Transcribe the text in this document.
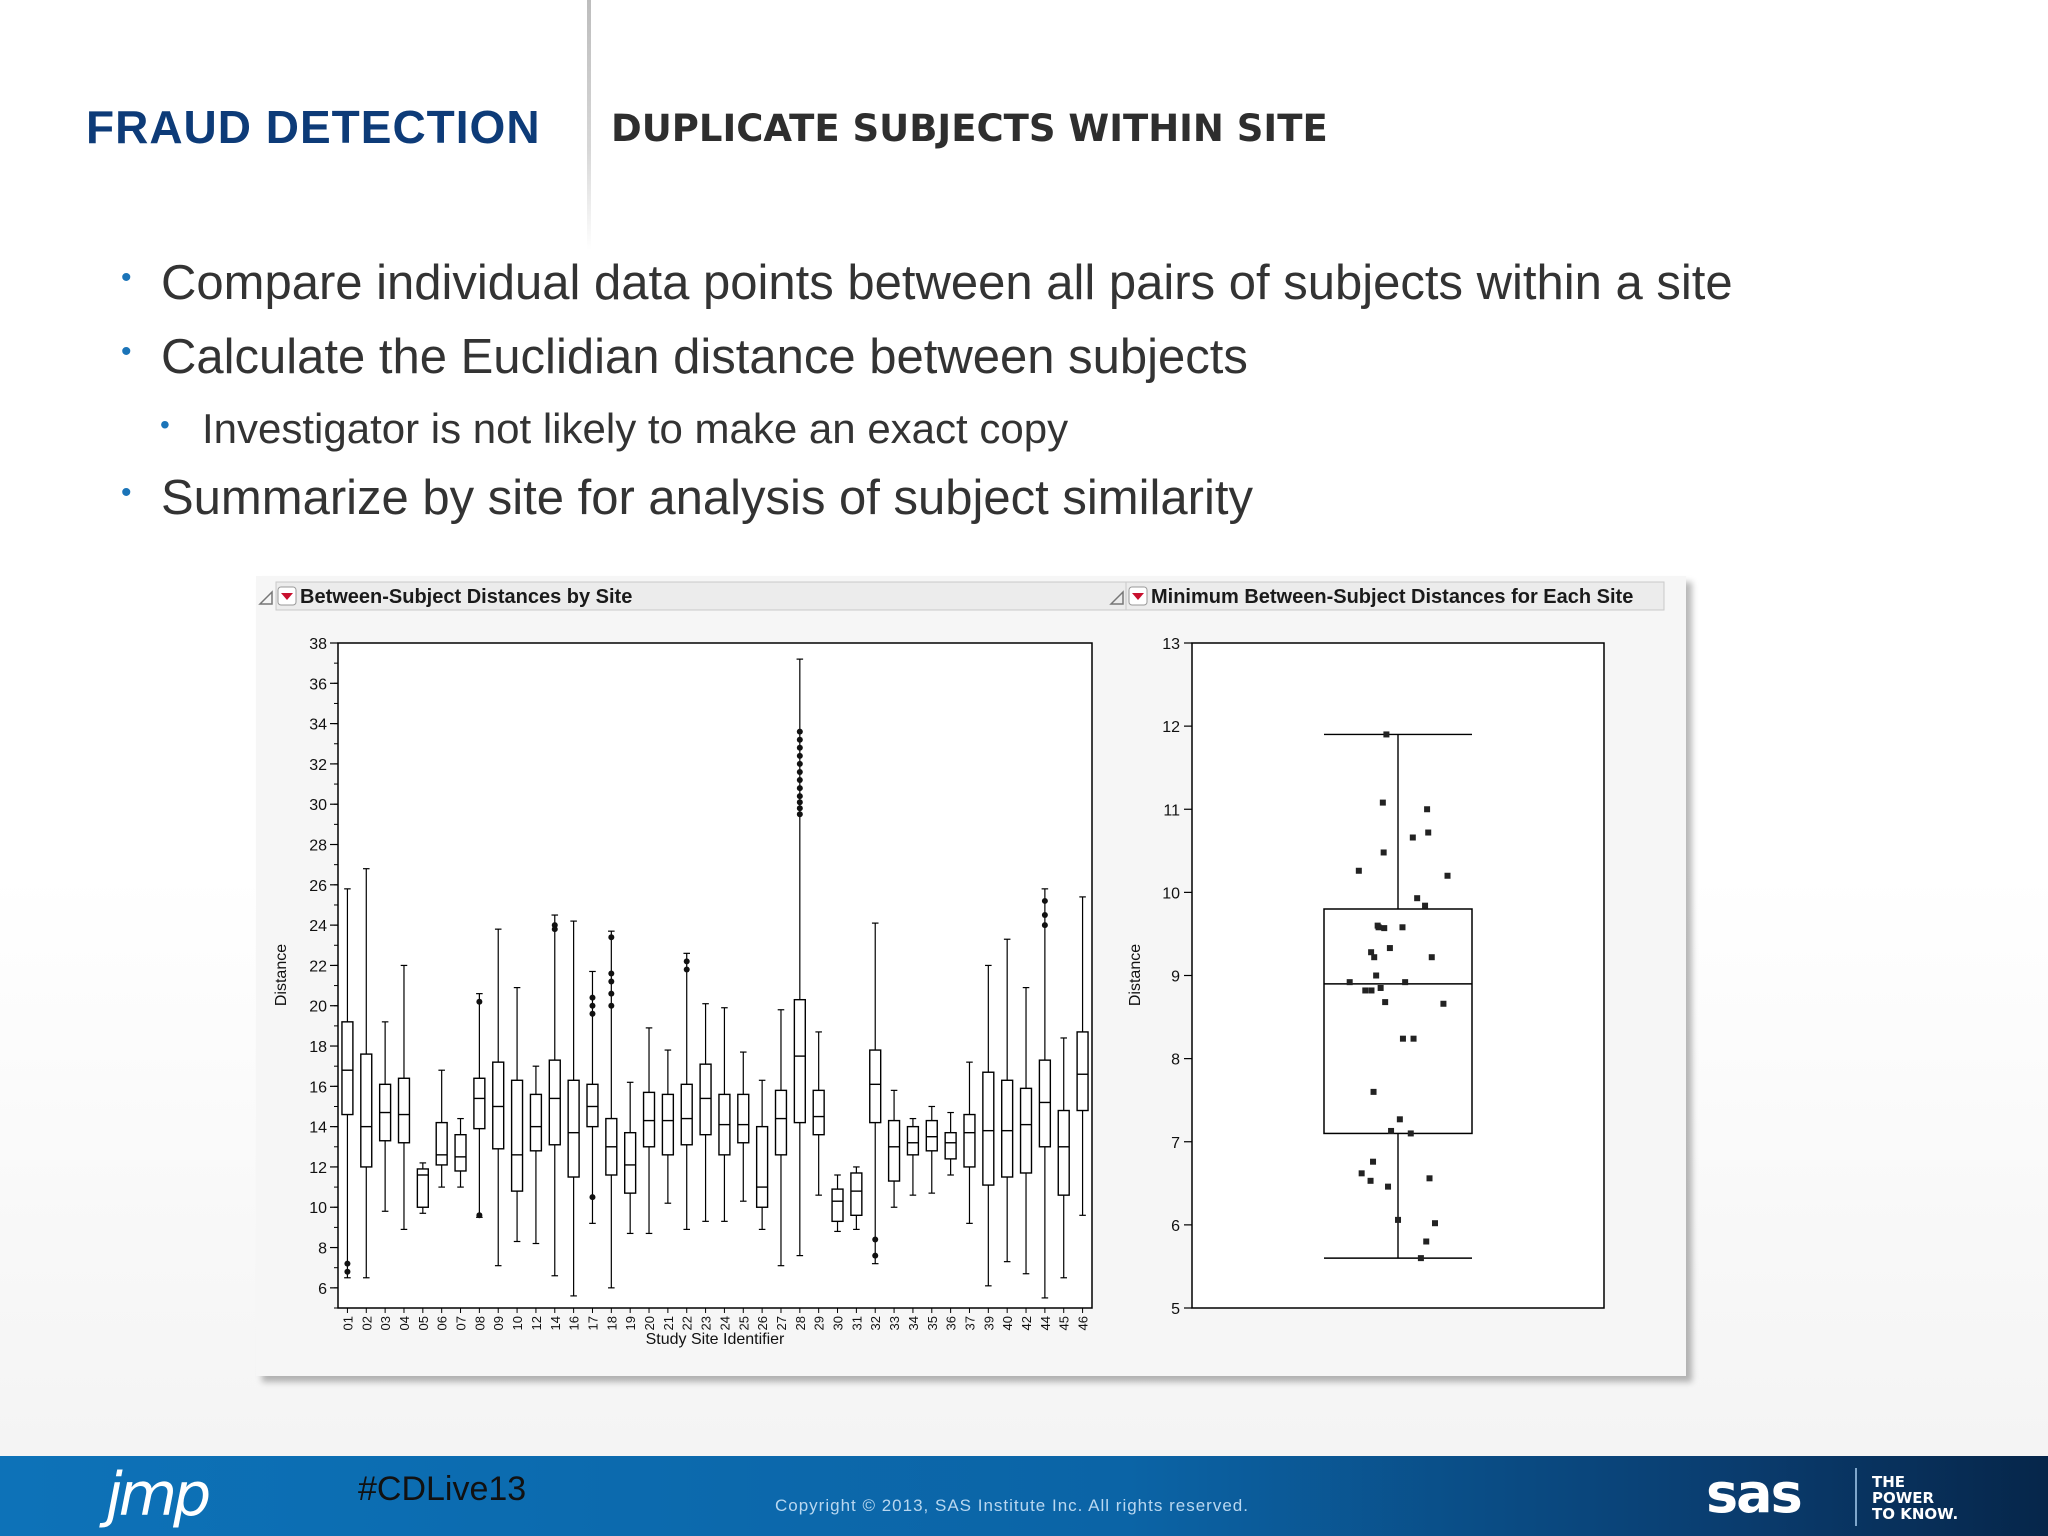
FRAUD DETECTION DUPLICATE SUBJECTS WITHIN SITE
• Compare individual data points between all pairs of subjects within a site
• Calculate the Euclidian distance between subjects
• Investigator is not likely to make an exact copy
• Summarize by site for analysis of subject similarity
Between-Subject Distances by Site	Minimum Between-Subject Distances for Each Site
Distance
Study Site Identifier
6
8
10
12
14
16
18
20
22
24
26
28
30
32
34
36
38
01 02 03 04 05 06 07 08 09 10 12 14 16 17 18 19 20 21 22 23 24 25 26 27 28 29 30 31 32 33 34 35 36 37 39 40 42 44 45 46
Distance
5
6
7
8
9
10
11
12
13
jmp	#CDLive13	Copyright © 2013, SAS Institute Inc. All rights reserved.	sas	THE
POWER
TO KNOW.
